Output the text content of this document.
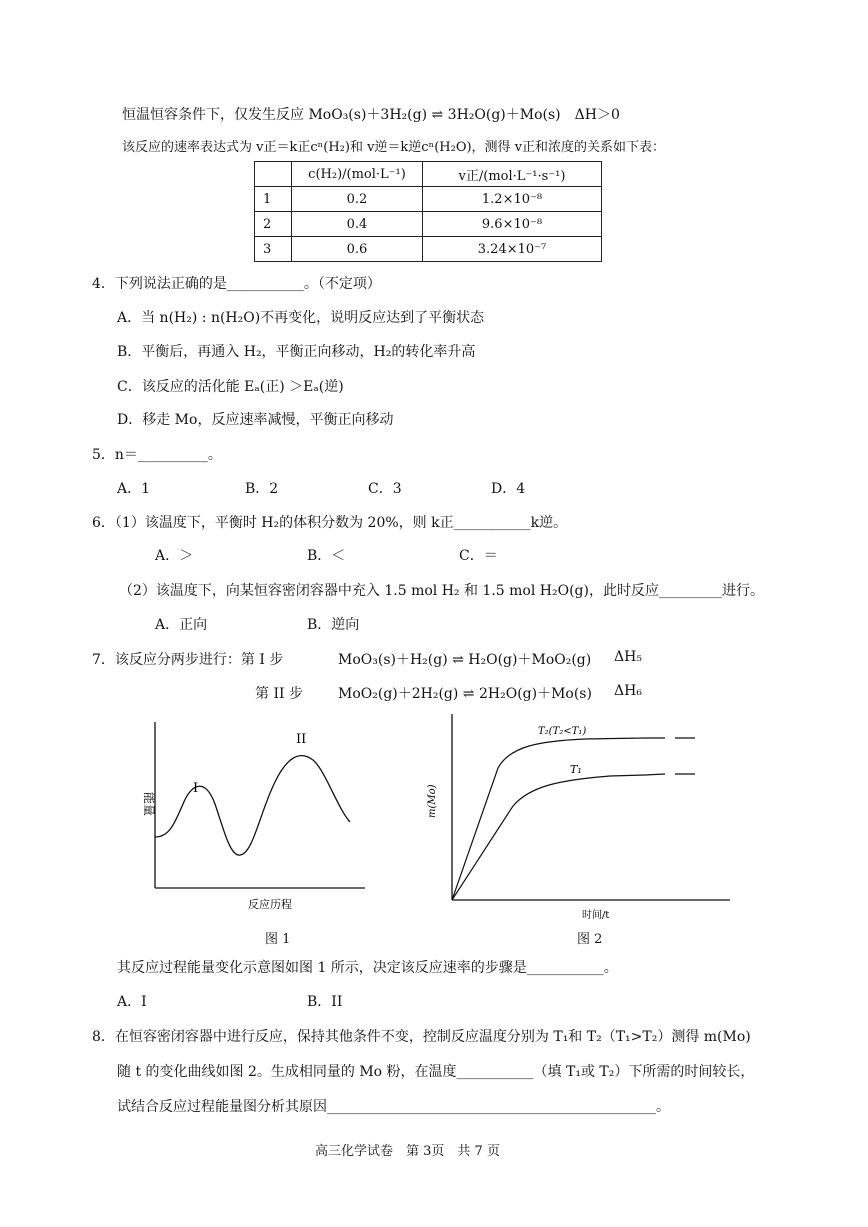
恒温恒容条件下，仅发生反应 MoO₃(s)＋3H₂(g) ⇌ 3H₂O(g)＋Mo(s)　ΔH＞0
该反应的速率表达式为 v正＝k正cⁿ(H₂)和 v逆＝k逆cⁿ(H₂O)，测得 v正和浓度的关系如下表：
	c(H₂)/(mol·L⁻¹)	v正/(mol·L⁻¹·s⁻¹)
1	0.2	1.2×10⁻⁸
2	0.4	9.6×10⁻⁸
3	0.6	3.24×10⁻⁷
4．下列说法正确的是___________。（不定项）
A．当 n(H₂) : n(H₂O)不再变化，说明反应达到了平衡状态
B．平衡后，再通入 H₂，平衡正向移动，H₂的转化率升高
C．该反应的活化能 Eₐ(正) ＞Eₐ(逆)
D．移走 Mo，反应速率减慢，平衡正向移动
5．n＝__________。
A．1	B．2	C．3	D．4
6．（1）该温度下，平衡时 H₂的体积分数为 20%，则 k正___________k逆。
A．＞	B．＜	C．＝
（2）该温度下，向某恒容密闭容器中充入 1.5 mol H₂ 和 1.5 mol H₂O(g)，此时反应_________进行。
A．正向	B．逆向
7．该反应分两步进行：第 I 步	MoO₃(s)＋H₂(g) ⇌ H₂O(g)＋MoO₂(g) ΔH₅
第 II 步	MoO₂(g)＋2H₂(g) ⇌ 2H₂O(g)＋Mo(s) ΔH₆
I
II
能量
反应历程
图 1
T₂(T₂<T₁)
T₁
m(Mo)
时间/t
图 2
其反应过程能量变化示意图如图 1 所示，决定该反应速率的步骤是___________。
A．I	B．II
8．在恒容密闭容器中进行反应，保持其他条件不变，控制反应温度分别为 T₁和 T₂（T₁>T₂）测得 m(Mo)
随 t 的变化曲线如图 2。生成相同量的 Mo 粉，在温度___________（填 T₁或 T₂）下所需的时间较长，
试结合反应过程能量图分析其原因_______________________________________________。
高三化学试卷　第 3页　共 7 页
